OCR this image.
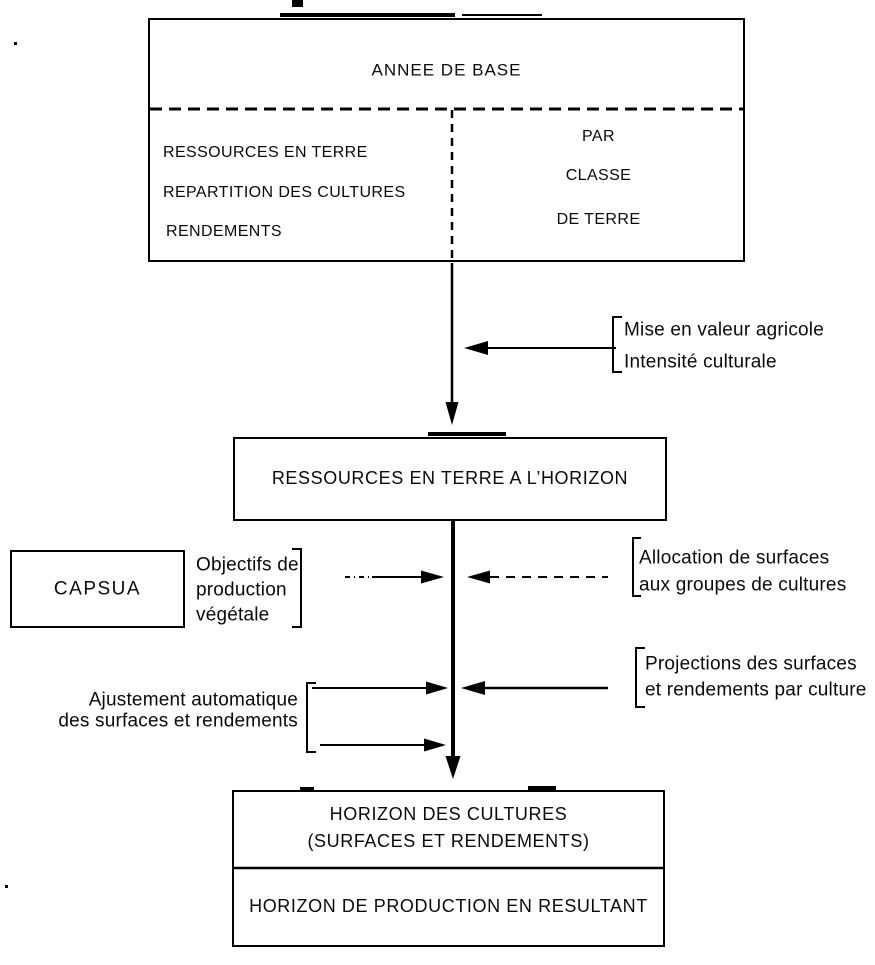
ANNEE DE BASE
RESSOURCES EN TERRE
REPARTITION DES CULTURES
RENDEMENTS
PAR
CLASSE
DE TERRE
Mise en valeur agricole
Intensité culturale
RESSOURCES EN TERRE A L’HORIZON
CAPSUA
Objectifs de
production
végétale
Allocation de surfaces
aux groupes de cultures
Projections des surfaces
et rendements par culture
Ajustement automatique
des surfaces et rendements
HORIZON DES CULTURES
(SURFACES ET RENDEMENTS)
HORIZON DE PRODUCTION EN RESULTANT
